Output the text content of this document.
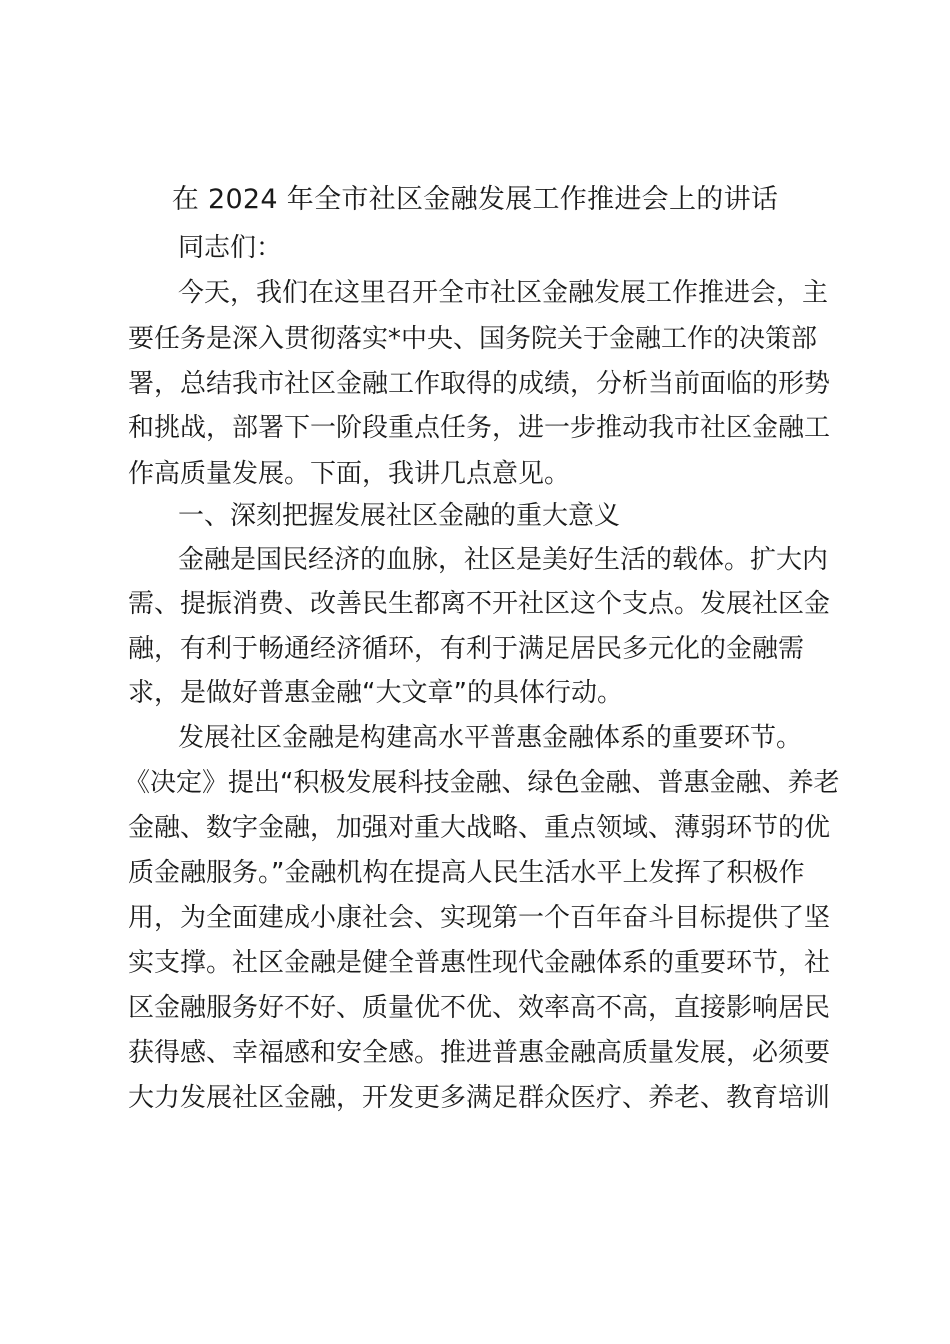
在 2024 年全市社区金融发展工作推进会上的讲话
同志们：
今天，我们在这里召开全市社区金融发展工作推进会，主
要任务是深入贯彻落实*中央、国务院关于金融工作的决策部
署，总结我市社区金融工作取得的成绩，分析当前面临的形势
和挑战，部署下一阶段重点任务，进一步推动我市社区金融工
作高质量发展。下面，我讲几点意见。
一、深刻把握发展社区金融的重大意义
金融是国民经济的血脉，社区是美好生活的载体。扩大内
需、提振消费、改善民生都离不开社区这个支点。发展社区金
融，有利于畅通经济循环，有利于满足居民多元化的金融需
求，是做好普惠金融“大文章”的具体行动。
发展社区金融是构建高水平普惠金融体系的重要环节。
《决定》提出“积极发展科技金融、绿色金融、普惠金融、养老
金融、数字金融，加强对重大战略、重点领域、薄弱环节的优
质金融服务。”金融机构在提高人民生活水平上发挥了积极作
用，为全面建成小康社会、实现第一个百年奋斗目标提供了坚
实支撑。社区金融是健全普惠性现代金融体系的重要环节，社
区金融服务好不好、质量优不优、效率高不高，直接影响居民
获得感、幸福感和安全感。推进普惠金融高质量发展，必须要
大力发展社区金融，开发更多满足群众医疗、养老、教育培训
